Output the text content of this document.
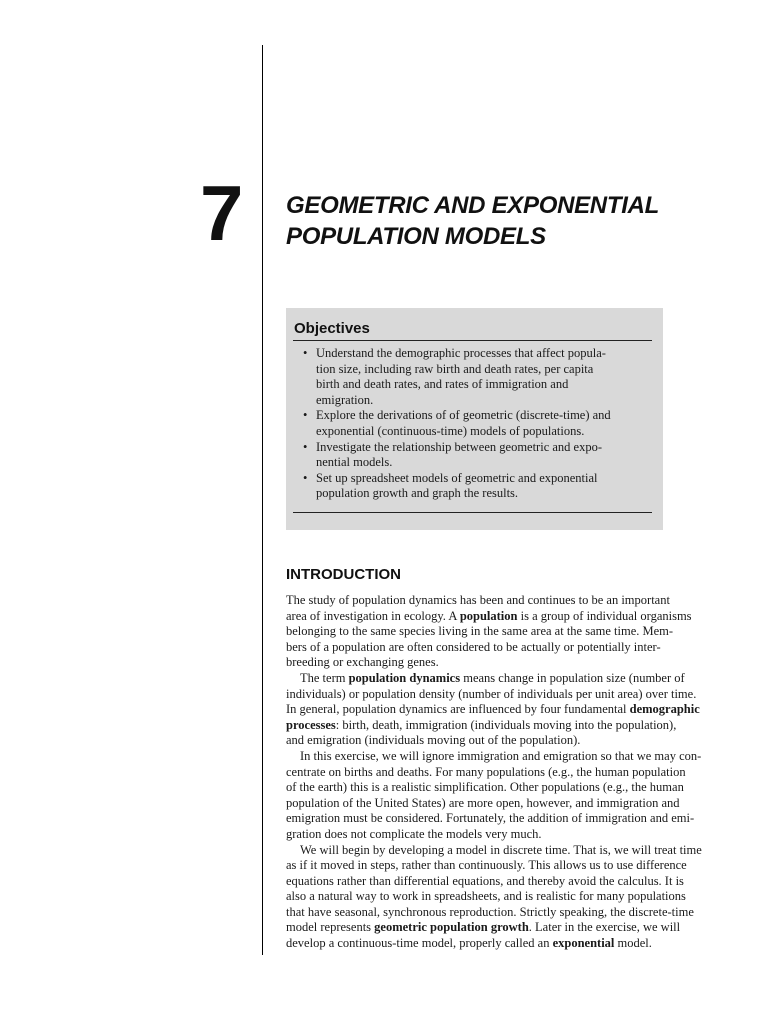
7 GEOMETRIC AND EXPONENTIAL
POPULATION MODELS
Objectives
• Understand the demographic processes that affect popula-
tion size, including raw birth and death rates, per capita
birth and death rates, and rates of immigration and
emigration.
• Explore the derivations of of geometric (discrete-time) and
exponential (continuous-time) models of populations.
• Investigate the relationship between geometric and expo-
nential models.
• Set up spreadsheet models of geometric and exponential
population growth and graph the results.
INTRODUCTION
The study of population dynamics has been and continues to be an important
area of investigation in ecology. A population is a group of individual organisms
belonging to the same species living in the same area at the same time. Mem-
bers of a population are often considered to be actually or potentially inter-
breeding or exchanging genes.
The term population dynamics means change in population size (number of
individuals) or population density (number of individuals per unit area) over time.
In general, population dynamics are influenced by four fundamental demographic
processes: birth, death, immigration (individuals moving into the population),
and emigration (individuals moving out of the population).
In this exercise, we will ignore immigration and emigration so that we may con-
centrate on births and deaths. For many populations (e.g., the human population
of the earth) this is a realistic simplification. Other populations (e.g., the human
population of the United States) are more open, however, and immigration and
emigration must be considered. Fortunately, the addition of immigration and emi-
gration does not complicate the models very much.
We will begin by developing a model in discrete time. That is, we will treat time
as if it moved in steps, rather than continuously. This allows us to use difference
equations rather than differential equations, and thereby avoid the calculus. It is
also a natural way to work in spreadsheets, and is realistic for many populations
that have seasonal, synchronous reproduction. Strictly speaking, the discrete-time
model represents geometric population growth. Later in the exercise, we will
develop a continuous-time model, properly called an exponential model.
